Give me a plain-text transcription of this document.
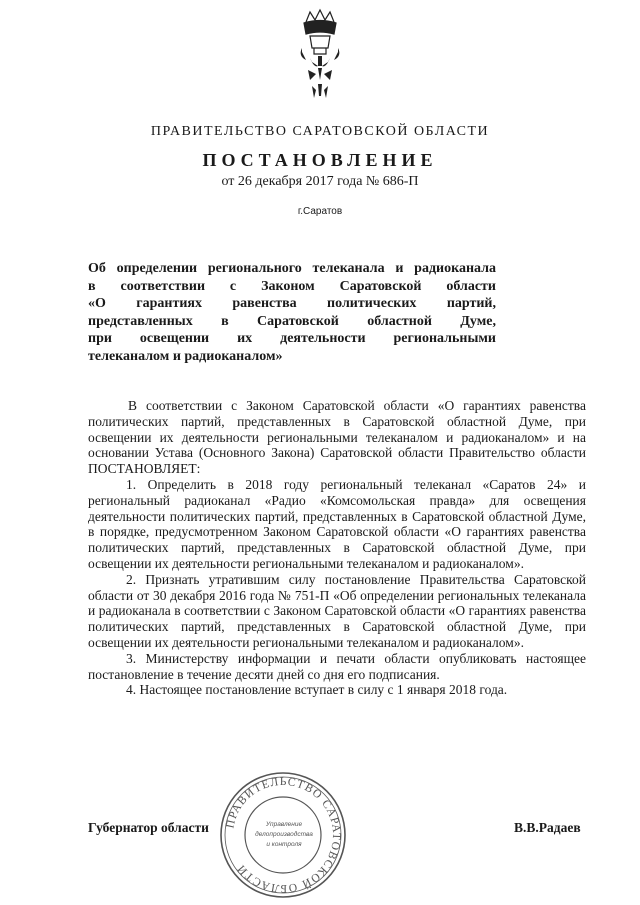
ПРАВИТЕЛЬСТВО САРАТОВСКОЙ ОБЛАСТИ
ПОСТАНОВЛЕНИЕ
от 26 декабря 2017 года № 686-П
г.Саратов
Об определении регионального телеканала и радиоканала
в соответствии с Законом Саратовской области
«О гарантиях равенства политических партий,
представленных в Саратовской областной Думе,
при освещении их деятельности региональными
телеканалом и радиоканалом»

В соответствии с Законом Саратовской области «О гарантиях равенства политических партий, представленных в Саратовской областной Думе, при освещении их деятельности региональными телеканалом и радиоканалом» и на основании Устава (Основного Закона) Саратовской области Правительство области ПОСТАНОВЛЯЕТ:

1. Определить в 2018 году региональный телеканал «Саратов 24» и региональный радиоканал «Радио «Комсомольская правда» для освещения деятельности политических партий, представленных в Саратовской областной Думе, в порядке, предусмотренном Законом Саратовской области «О гарантиях равенства политических партий, представленных в Саратовской областной Думе, при освещении их деятельности региональными телеканалом и радиоканалом».

2. Признать утратившим силу постановление Правительства Саратовской области от 30 декабря 2016 года № 751-П «Об определении региональных телеканала и радиоканала в соответствии с Законом Саратовской области «О гарантиях равенства политических партий, представленных в Саратовской областной Думе, при освещении их деятельности региональными телеканалом и радиоканалом».

3. Министерству информации и печати области опубликовать настоящее постановление в течение десяти дней со дня его подписания.

4. Настоящее постановление вступает в силу с 1 января 2018 года.

Губернатор области	В.В.Радаев
ПРАВИТЕЛЬСТВО САРАТОВСКОЙ ОБЛАСТИ
Управление
делопроизводства
и контроля
